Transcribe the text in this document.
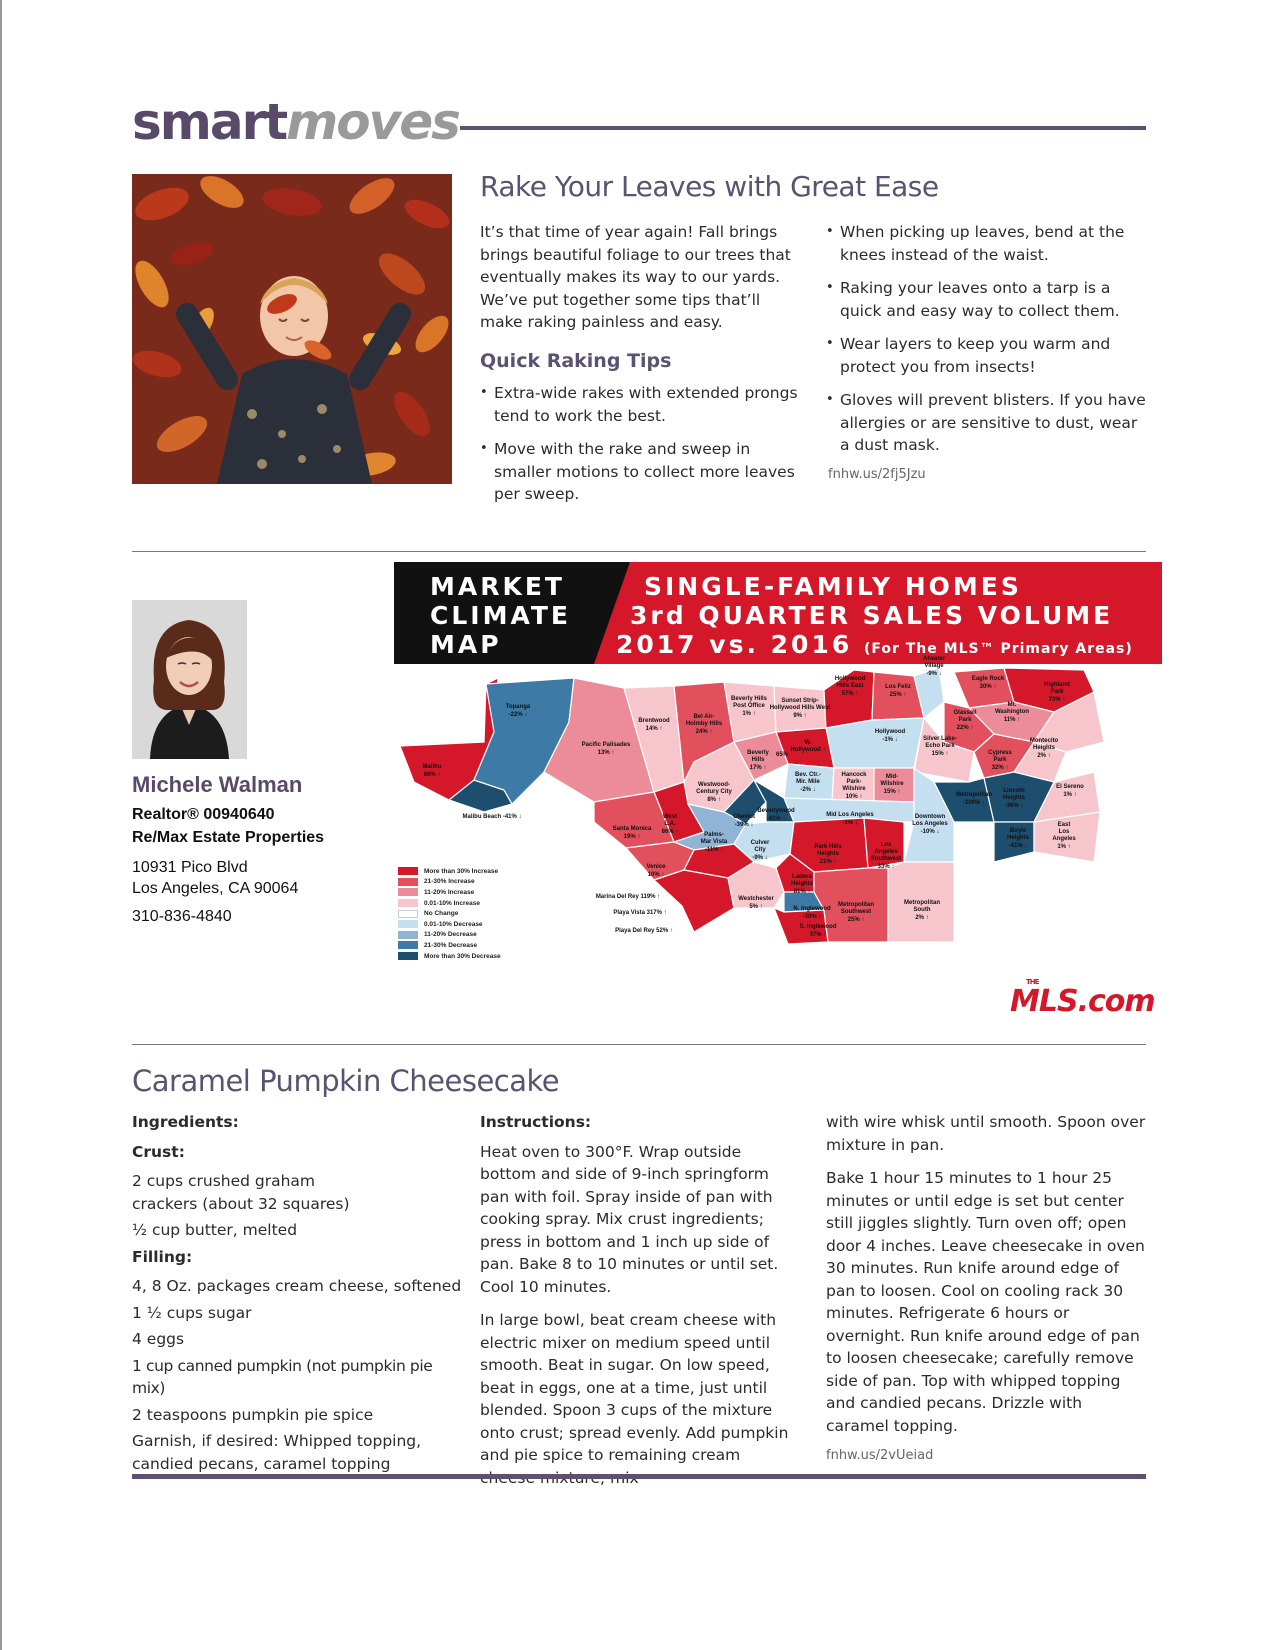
smartmoves
Rake Your Leaves with Great Ease
It’s that time of year again! Fall brings brings beautiful foliage to our trees that eventually makes its way to our yards. We’ve put together some tips that’ll make raking painless and easy.
Quick Raking Tips
• Extra-wide rakes with extended prongs tend to work the best.
• Move with the rake and sweep in smaller motions to collect more leaves per sweep.
• When picking up leaves, bend at the knees instead of the waist.
• Raking your leaves onto a tarp is a quick and easy way to collect them.
• Wear layers to keep you warm and protect you from insects!
• Gloves will prevent blisters. If you have allergies or are sensitive to dust, wear a dust mask.
fnhw.us/2fj5Jzu
Michele Walman
Realtor® 00940640
Re/Max Estate Properties
10931 Pico Blvd
Los Angeles, CA 90064
310-836-4840
MARKET
CLIMATE
MAP
SINGLE-FAMILY HOMES
3rd QUARTER SALES VOLUME
2017 vs. 2016 (For The MLS™ Primary Areas)
Malibu
68% ↑
Topanga
-22% ↓
Malibu Beach -41% ↓
Pacific Palisades
13% ↑
Brentwood
14% ↑
Bel Air-
Holmby Hills
24% ↑
Beverly Hills
Post Office
1% ↑
Sunset Strip-
Hollywood Hills West
9% ↑
Hollywood
Hills East
57% ↑
Los Feliz
25% ↑
Atwater
Village
-9% ↓
Eagle Rock
30% ↑	Highland
Park
73% ↑
Mt.
Washington
11% ↑
Glassell
Park
22% ↑
Hollywood
-1% ↓
W.
Hollywood ↑
65%
Beverly
Hills
17% ↑
Silver Lake-
Echo Park
15% ↑	Cypress
Park
32% ↑
Montecito
Heights
2% ↑
Bev. Ctr.-
Mir. Mile
-2% ↓
Hancock
Park-
Wilshire
10% ↑
Mid-
Wilshire
15% ↑
Westwood-
Century City
8% ↑
Metropolitan
-100% ↓
Lincoln
Heights
-36% ↓
El Sereno
1% ↑
West
L.A.
86% ↑
Cheviot
-39% ↓
Beverlywood
-41% ↓
Mid Los Angeles
-1% ↓
Downtown
Los Angeles
-10% ↓
Santa Monica
19% ↑	Palms-
Mar Vista
-11% ↓
Boyle
Heights
-41% ↓
East
Los
Angeles
1% ↑
Culver
City
-9% ↓
Park Hills
Heights
21% ↑
Los
Angeles
Southwest
33% ↑
Venice
10% ↑	Ladera
Heights
81% ↑
Marina Del Rey 119% ↑
Playa Vista 317% ↑
Playa Del Rey 52% ↑
Westchester
5% ↑	N. Inglewood
-30% ↓
S. Inglewood
37% ↑
Metropolitan
Southwest
25% ↑
Metropolitan
South
2% ↑
More than 30% Increase
21-30% Increase
11-20% Increase
0.01-10% Increase
No Change
0.01-10% Decrease
11-20% Decrease
21-30% Decrease
More than 30% Decrease
THE
MLS.com
Caramel Pumpkin Cheesecake
Ingredients:
Crust:

2 cups crushed graham crackers (about 32 squares)

½ cup butter, melted

Filling:

4, 8 Oz. packages cream cheese, softened

1 ½ cups sugar

4 eggs

1 cup canned pumpkin (not pumpkin pie mix)

2 teaspoons pumpkin pie spice

Garnish, if desired: Whipped topping, candied pecans, caramel topping

Instructions:

Heat oven to 300°F. Wrap outside bottom and side of 9-inch springform pan with foil. Spray inside of pan with cooking spray. Mix crust ingredients; press in bottom and 1 inch up side of pan. Bake 8 to 10 minutes or until set. Cool 10 minutes.

In large bowl, beat cream cheese with electric mixer on medium speed until smooth. Beat in sugar. On low speed, beat in eggs, one at a time, just until blended. Spoon 3 cups of the mixture onto crust; spread evenly. Add pumpkin and pie spice to remaining cream

with wire whisk until smooth. Spoon over mixture in pan.

Bake 1 hour 15 minutes to 1 hour 25 minutes or until edge is set but center still jiggles slightly. Turn oven off; open door 4 inches. Leave cheesecake in oven 30 minutes. Run knife around edge of pan to loosen. Cool on cooling rack 30 minutes. Refrigerate 6 hours or overnight. Run knife around edge of pan to loosen cheesecake; carefully remove side of pan. Top with whipped topping and candied pecans. Drizzle with caramel topping.

fnhw.us/2vUeiad
